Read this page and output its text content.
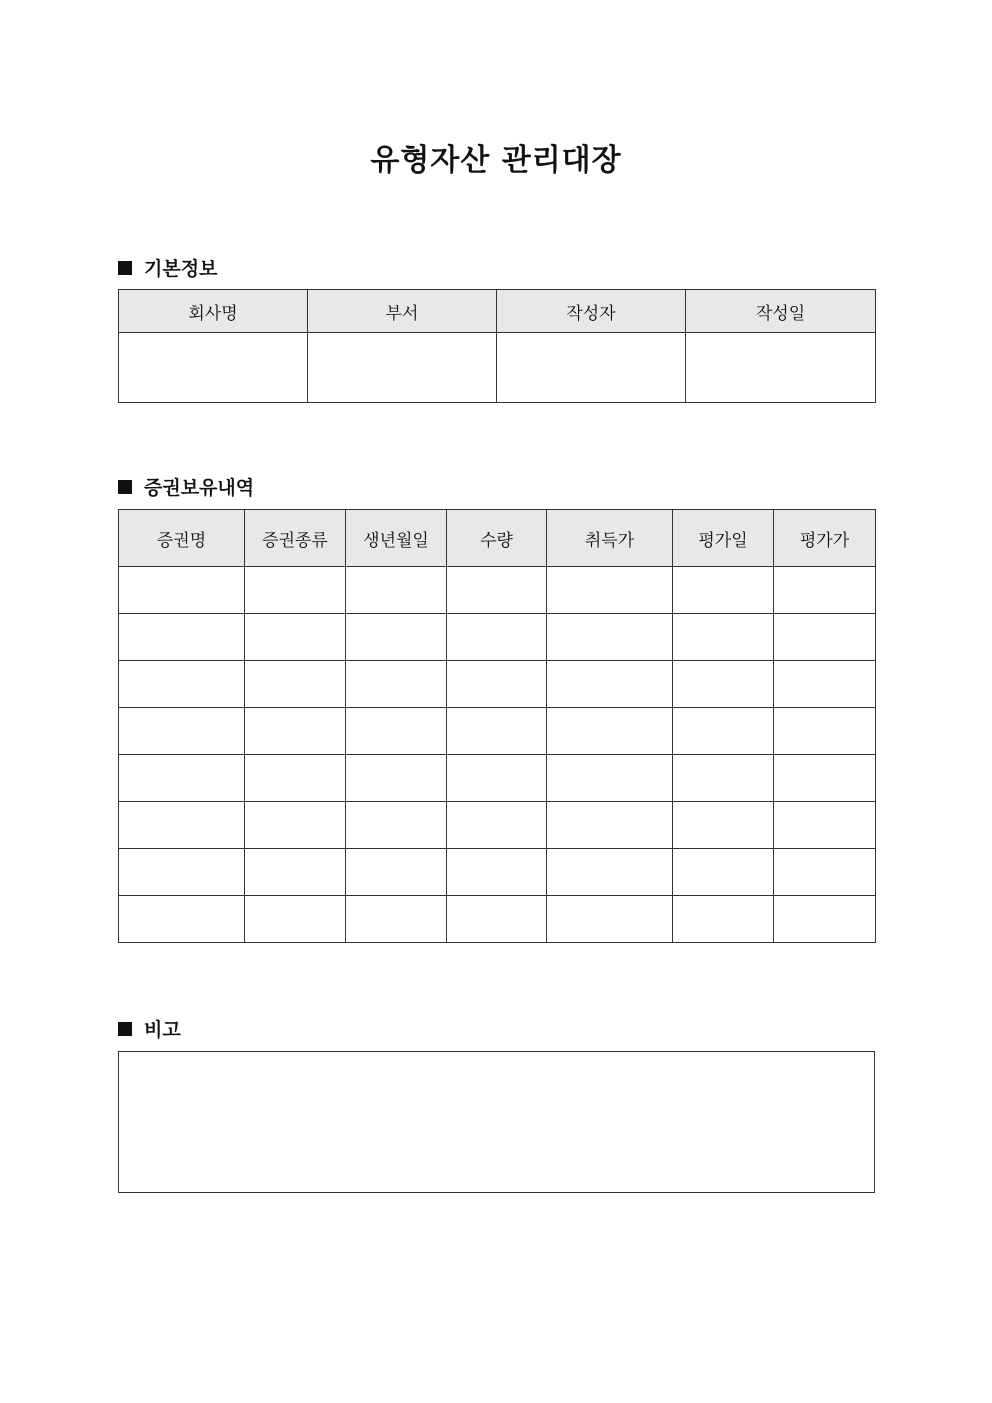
유형자산 관리대장
기본정보
회사명	부서	작성자	작성일

증권보유내역
증권명	증권종류	생년월일	수량	취득가	평가일	평가가

비고
